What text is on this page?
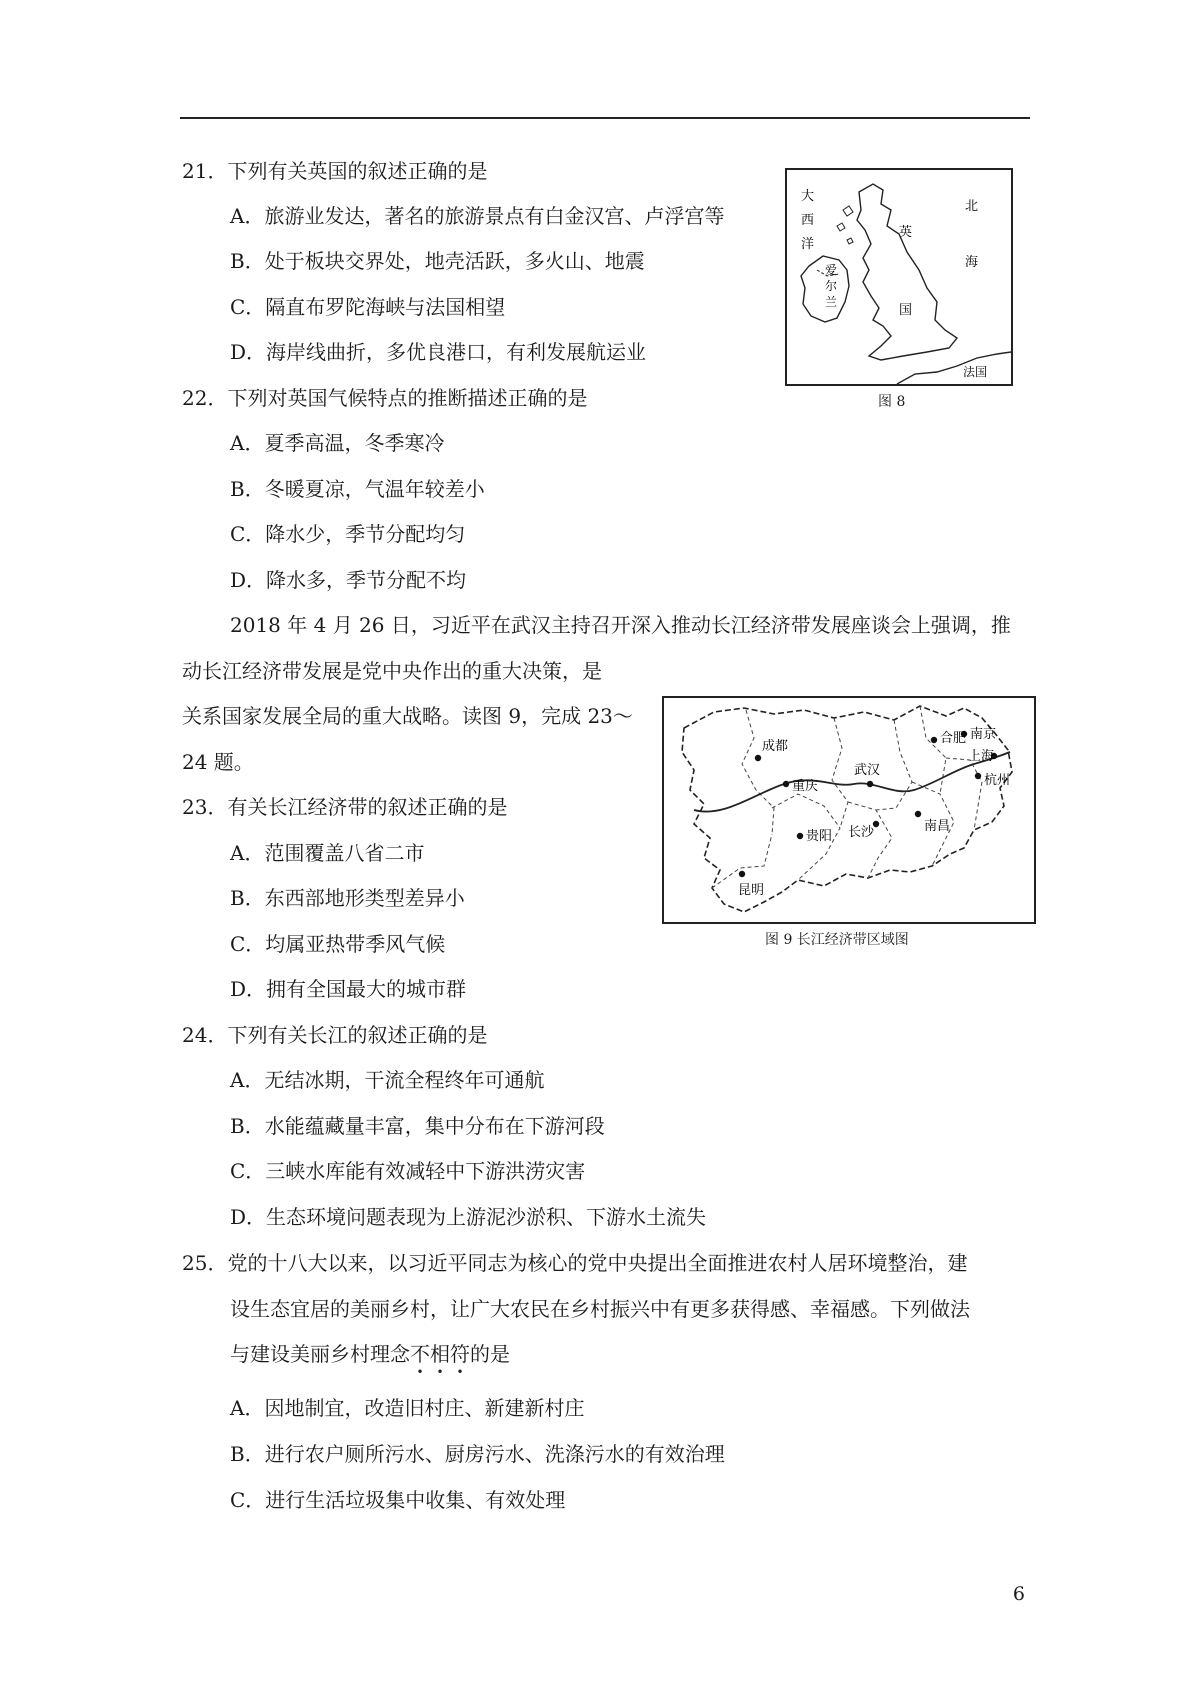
21．下列有关英国的叙述正确的是
A．旅游业发达，著名的旅游景点有白金汉宫、卢浮宫等
B．处于板块交界处，地壳活跃，多火山、地震
C．隔直布罗陀海峡与法国相望
D．海岸线曲折，多优良港口，有利发展航运业
22．下列对英国气候特点的推断描述正确的是
A．夏季高温，冬季寒冷
B．冬暖夏凉，气温年较差小
C．降水少，季节分配均匀
D．降水多，季节分配不均
2018 年 4 月 26 日，习近平在武汉主持召开深入推动长江经济带发展座谈会上强调，推
动长江经济带发展是党中央作出的重大决策，是
关系国家发展全局的重大战略。读图 9，完成 23～
24 题。
23．有关长江经济带的叙述正确的是
A．范围覆盖八省二市
B．东西部地形类型差异小
C．均属亚热带季风气候
D．拥有全国最大的城市群
24．下列有关长江的叙述正确的是
A．无结冰期，干流全程终年可通航
B．水能蕴藏量丰富，集中分布在下游河段
C．三峡水库能有效减轻中下游洪涝灾害
D．生态环境问题表现为上游泥沙淤积、下游水土流失
25．党的十八大以来，以习近平同志为核心的党中央提出全面推进农村人居环境整治，建
设生态宜居的美丽乡村，让广大农民在乡村振兴中有更多获得感、幸福感。下列做法
与建设美丽乡村理念不相符的是
A．因地制宜，改造旧村庄、新建新村庄
B．进行农户厕所污水、厨房污水、洗涤污水的有效治理
C．进行生活垃圾集中收集、有效处理
6
大
西
洋
北
海
英
国
爱
尔
兰
法国
图 8
成都
重庆
武汉
合肥 南京
上海
杭州
长沙	南昌
贵阳
昆明
图 9 长江经济带区域图
